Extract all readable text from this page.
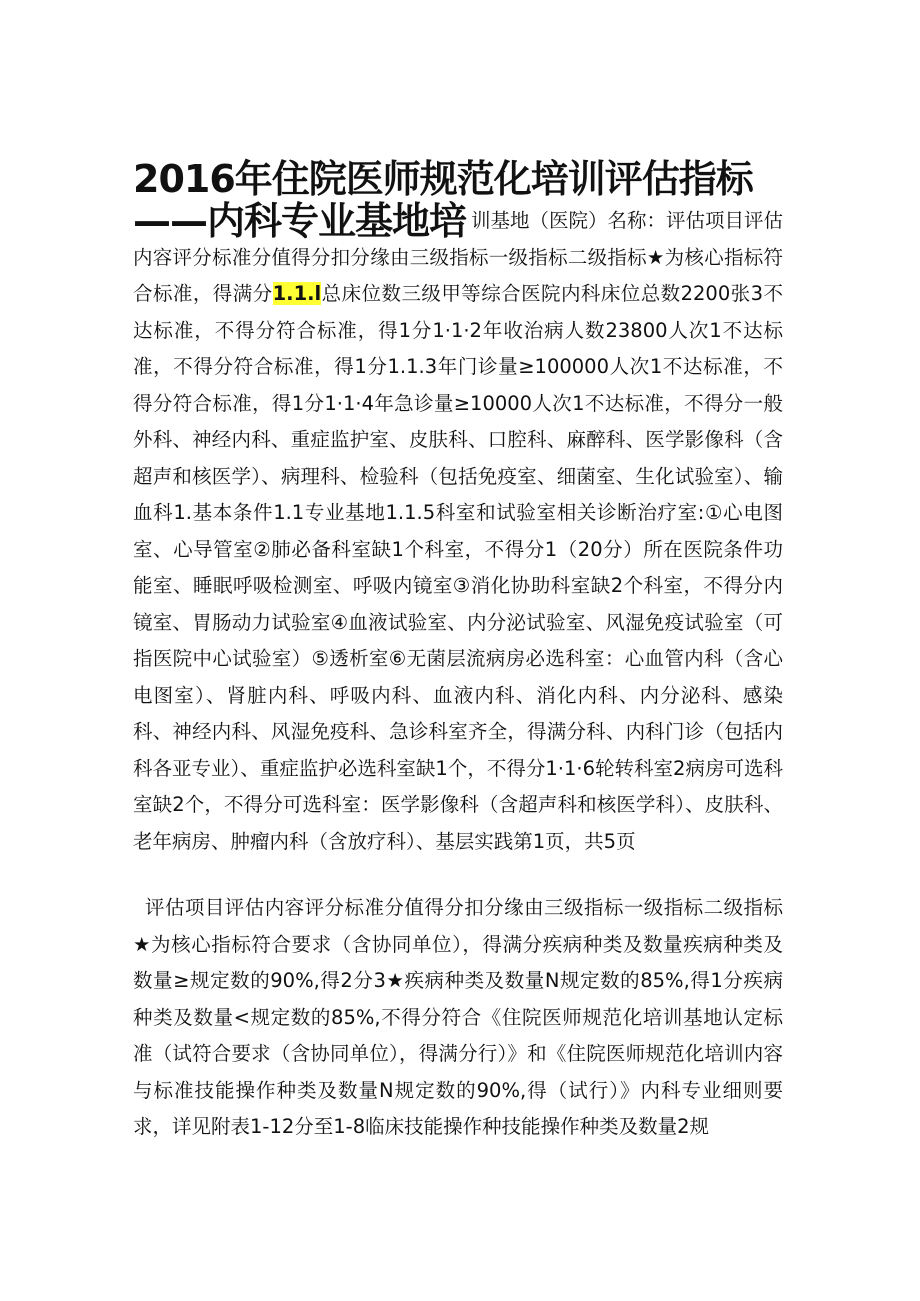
2016年住院医师规范化培训评估指标
——内科专业基地培 训基地（医院）名称：评估项目评估内容评分标准分值得分扣分缘由三级指标一级指标二级指标★为核心指标符合标准，得满分1.1.l总床位数三级甲等综合医院内科床位总数2200张3不达标准，不得分符合标准，得1分1·1·2年收治病人数23800人次1不达标准，不得分符合标准，得1分1.1.3年门诊量≥100000人次1不达标准，不得分符合标准，得1分1·1·4年急诊量≥10000人次1不达标准，不得分一般外科、神经内科、重症监护室、皮肤科、口腔科、麻醉科、医学影像科（含超声和核医学）、病理科、检验科（包括免疫室、细菌室、生化试验室）、输血科1.基本条件1.1专业基地1.1.5科室和试验室相关诊断治疗室:①心电图室、心导管室②肺必备科室缺1个科室，不得分1（20分）所在医院条件功能室、睡眠呼吸检测室、呼吸内镜室③消化协助科室缺2个科室，不得分内镜室、胃肠动力试验室④血液试验室、内分泌试验室、风湿免疫试验室（可指医院中心试验室）⑤透析室⑥无菌层流病房必选科室：心血管内科（含心电图室）、肾脏内科、呼吸内科、血液内科、消化内科、内分泌科、感染科、神经内科、风湿免疫科、急诊科室齐全，得满分科、内科门诊（包括内科各亚专业）、重症监护必选科室缺1个，不得分1·1·6轮转科室2病房可选科室缺2个，不得分可选科室：医学影像科（含超声科和核医学科）、皮肤科、老年病房、肿瘤内科（含放疗科）、基层实践第1页，共5页
评估项目评估内容评分标准分值得分扣分缘由三级指标一级指标二级指标★为核心指标符合要求（含协同单位），得满分疾病种类及数量疾病种类及数量≥规定数的90%,得2分3★疾病种类及数量N规定数的85%,得1分疾病种类及数量<规定数的85%,不得分符合《住院医师规范化培训基地认定标准（试符合要求（含协同单位），得满分行）》和《住院医师规范化培训内容与标准技能操作种类及数量N规定数的90%,得（试行）》内科专业细则要求，详见附表1-12分至1-8临床技能操作种技能操作种类及数量2规
